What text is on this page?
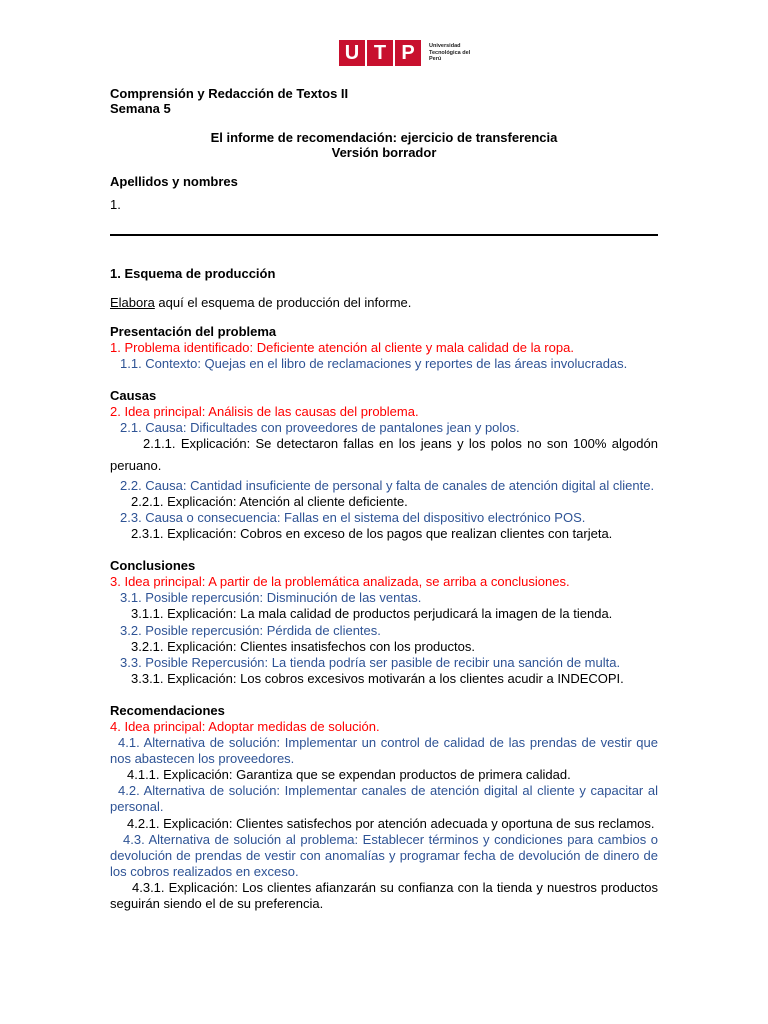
U T P	Universidad Tecnológica del Perú
Comprensión y Redacción de Textos II
Semana 5
El informe de recomendación: ejercicio de transferencia
Versión borrador
Apellidos y nombres
1.
1. Esquema de producción
Elabora aquí el esquema de producción del informe.
Presentación del problema
1. Problema identificado: Deficiente atención al cliente y mala calidad de la ropa.
1.1. Contexto: Quejas en el libro de reclamaciones y reportes de las áreas involucradas.
Causas
2. Idea principal: Análisis de las causas del problema.
2.1. Causa: Dificultades con proveedores de pantalones jean y polos.
2.1.1. Explicación: Se detectaron fallas en los jeans y los polos no son 100% algodón
peruano.
2.2. Causa: Cantidad insuficiente de personal y falta de canales de atención digital al cliente.
2.2.1. Explicación: Atención al cliente deficiente.
2.3. Causa o consecuencia: Fallas en el sistema del dispositivo electrónico POS.
2.3.1. Explicación: Cobros en exceso de los pagos que realizan clientes con tarjeta.
Conclusiones
3. Idea principal: A partir de la problemática analizada, se arriba a conclusiones.
3.1. Posible repercusión: Disminución de las ventas.
3.1.1. Explicación: La mala calidad de productos perjudicará la imagen de la tienda.
3.2. Posible repercusión: Pérdida de clientes.
3.2.1. Explicación: Clientes insatisfechos con los productos.
3.3. Posible Repercusión: La tienda podría ser pasible de recibir una sanción de multa.
3.3.1. Explicación: Los cobros excesivos motivarán a los clientes acudir a INDECOPI.
Recomendaciones
4. Idea principal: Adoptar medidas de solución.
4.1. Alternativa de solución: Implementar un control de calidad de las prendas de vestir que
nos abastecen los proveedores.
4.1.1. Explicación: Garantiza que se expendan productos de primera calidad.
4.2. Alternativa de solución: Implementar canales de atención digital al cliente y capacitar al
personal.
4.2.1. Explicación: Clientes satisfechos por atención adecuada y oportuna de sus reclamos.
4.3. Alternativa de solución al problema: Establecer términos y condiciones para cambios o
devolución de prendas de vestir con anomalías y programar fecha de devolución de dinero de
los cobros realizados en exceso.
4.3.1. Explicación: Los clientes afianzarán su confianza con la tienda y nuestros productos
seguirán siendo el de su preferencia.
